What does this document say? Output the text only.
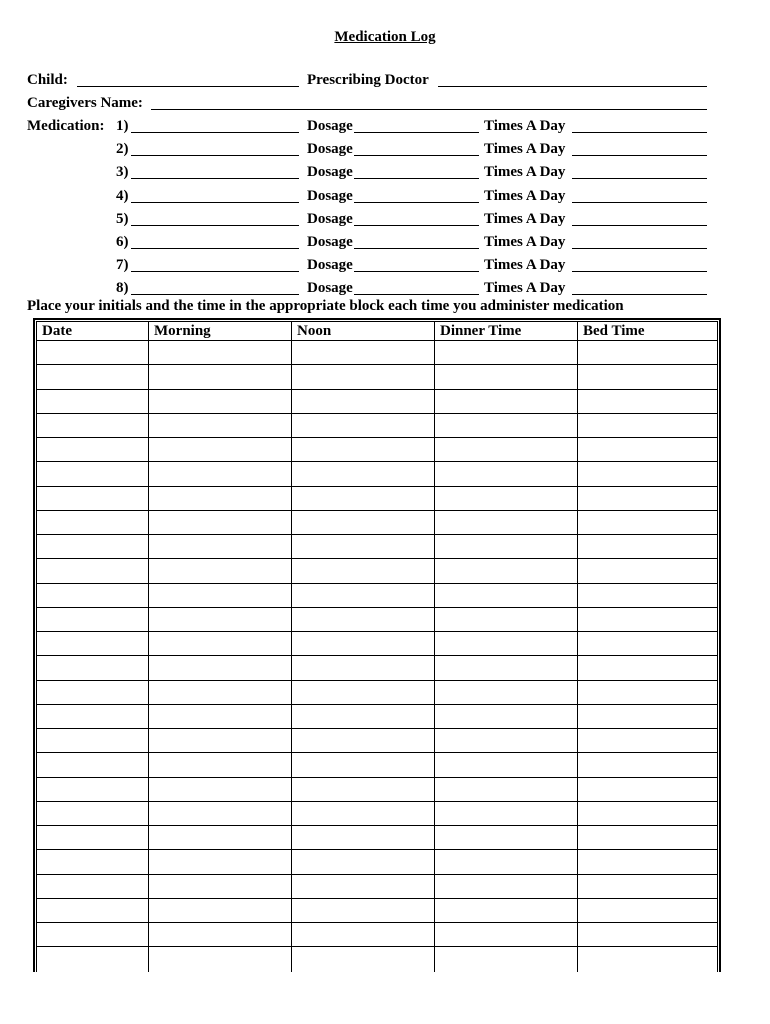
Medication Log
Child:	Prescribing Doctor
Caregivers Name:
Medication: 1)	Dosage	Times A Day
2)	Dosage	Times A Day
3)	Dosage	Times A Day
4)	Dosage	Times A Day
5)	Dosage	Times A Day
6)	Dosage	Times A Day
7)	Dosage	Times A Day
8)	Dosage	Times A Day
Place your initials and the time in the appropriate block each time you administer medication
Date	Morning	Noon	Dinner Time	Bed Time
